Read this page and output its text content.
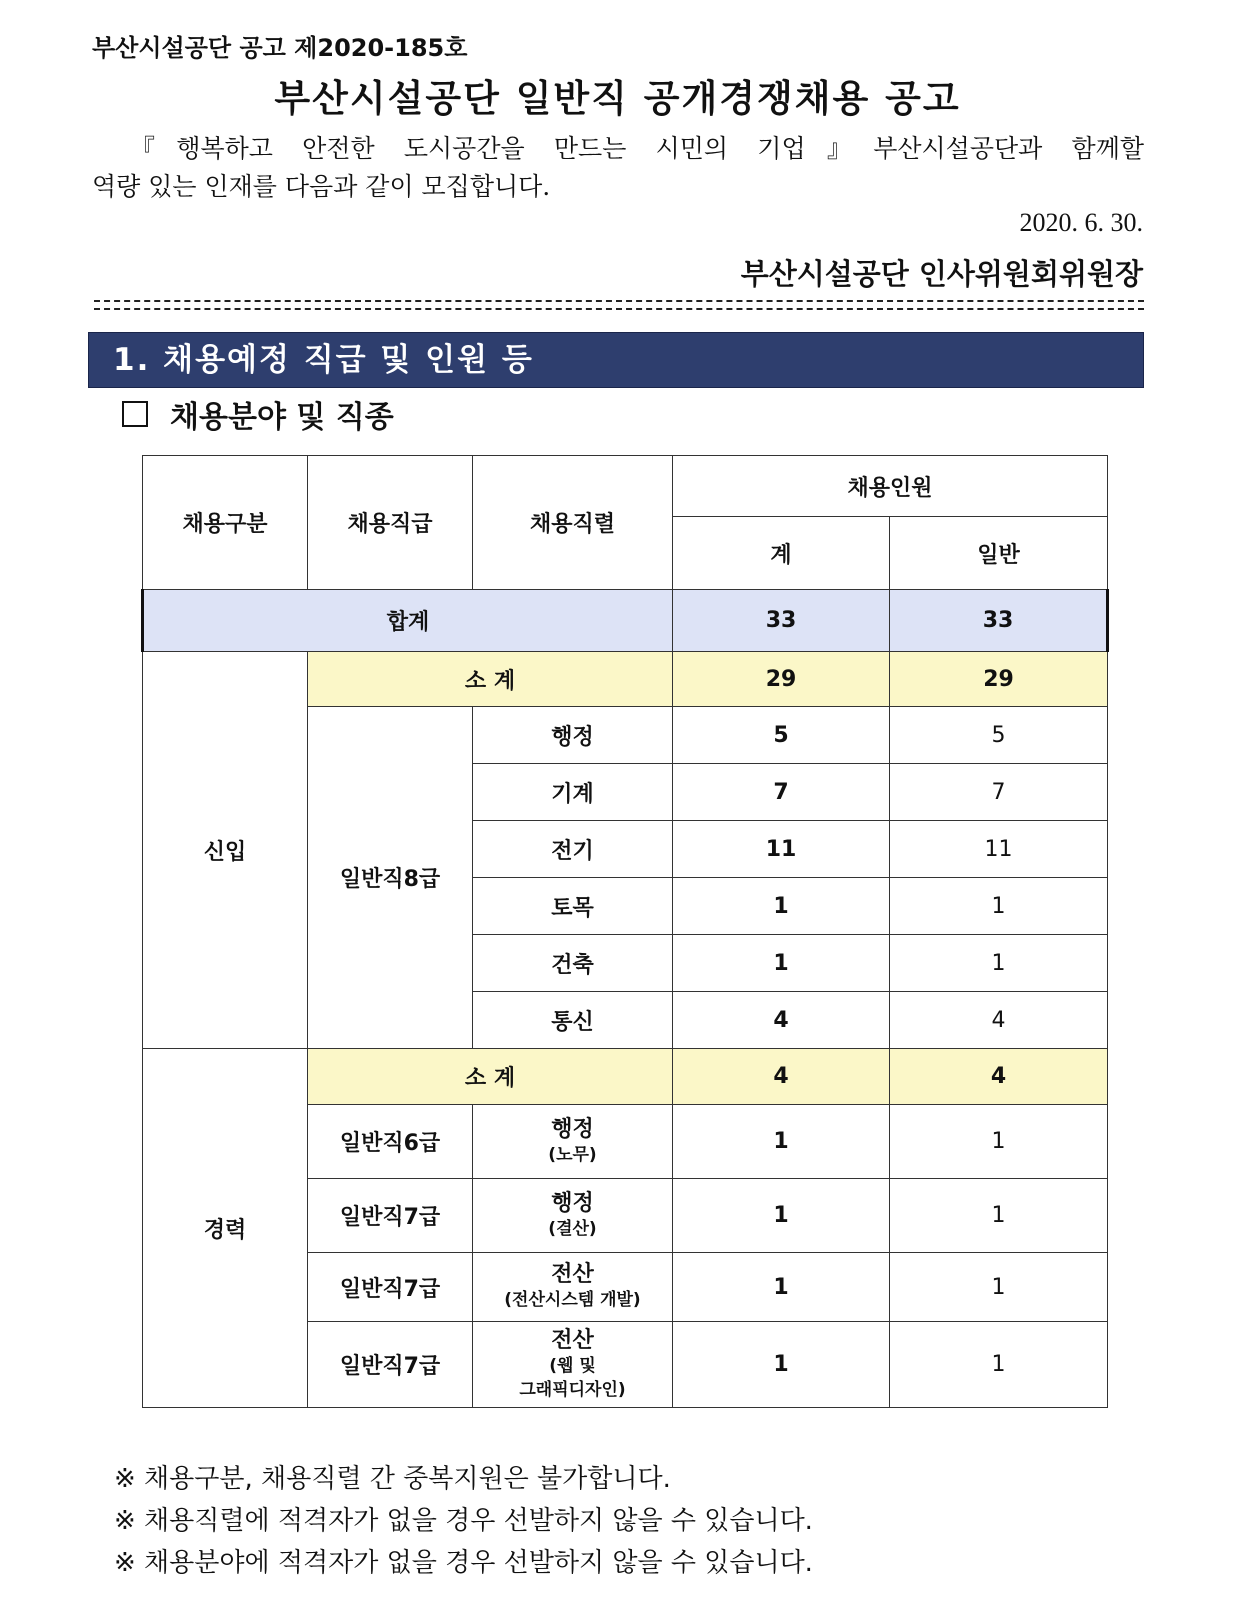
부산시설공단 공고 제2020-185호
부산시설공단 일반직 공개경쟁채용 공고

『행복하고 안전한 도시공간을 만드는 시민의 기업』부산시설공단과 함께할

역량 있는 인재를 다음과 같이 모집합니다.

2020. 6. 30.
부산시설공단 인사위원회위원장
1. 채용예정 직급 및 인원 등
채용분야 및 직종
채용구분	채용직급	채용직렬	채용인원	
			계	일반
합계			33	33
신입	소 계		29	29
	일반직8급	행정	5	5
		기계	7	7
		전기	11	11
		토목	1	1
		건축	1	1
		통신	4	4
경력	소 계		4	4
	일반직6급	행정
(노무)	1	1
	일반직7급	행정
(결산)	1	1
	일반직7급	전산
(전산시스템 개발)	1	1
	일반직7급	전산
(웹 및
그래픽디자인)	1	1

※ 채용구분, 채용직렬 간 중복지원은 불가합니다.

※ 채용직렬에 적격자가 없을 경우 선발하지 않을 수 있습니다.

※ 채용분야에 적격자가 없을 경우 선발하지 않을 수 있습니다.
